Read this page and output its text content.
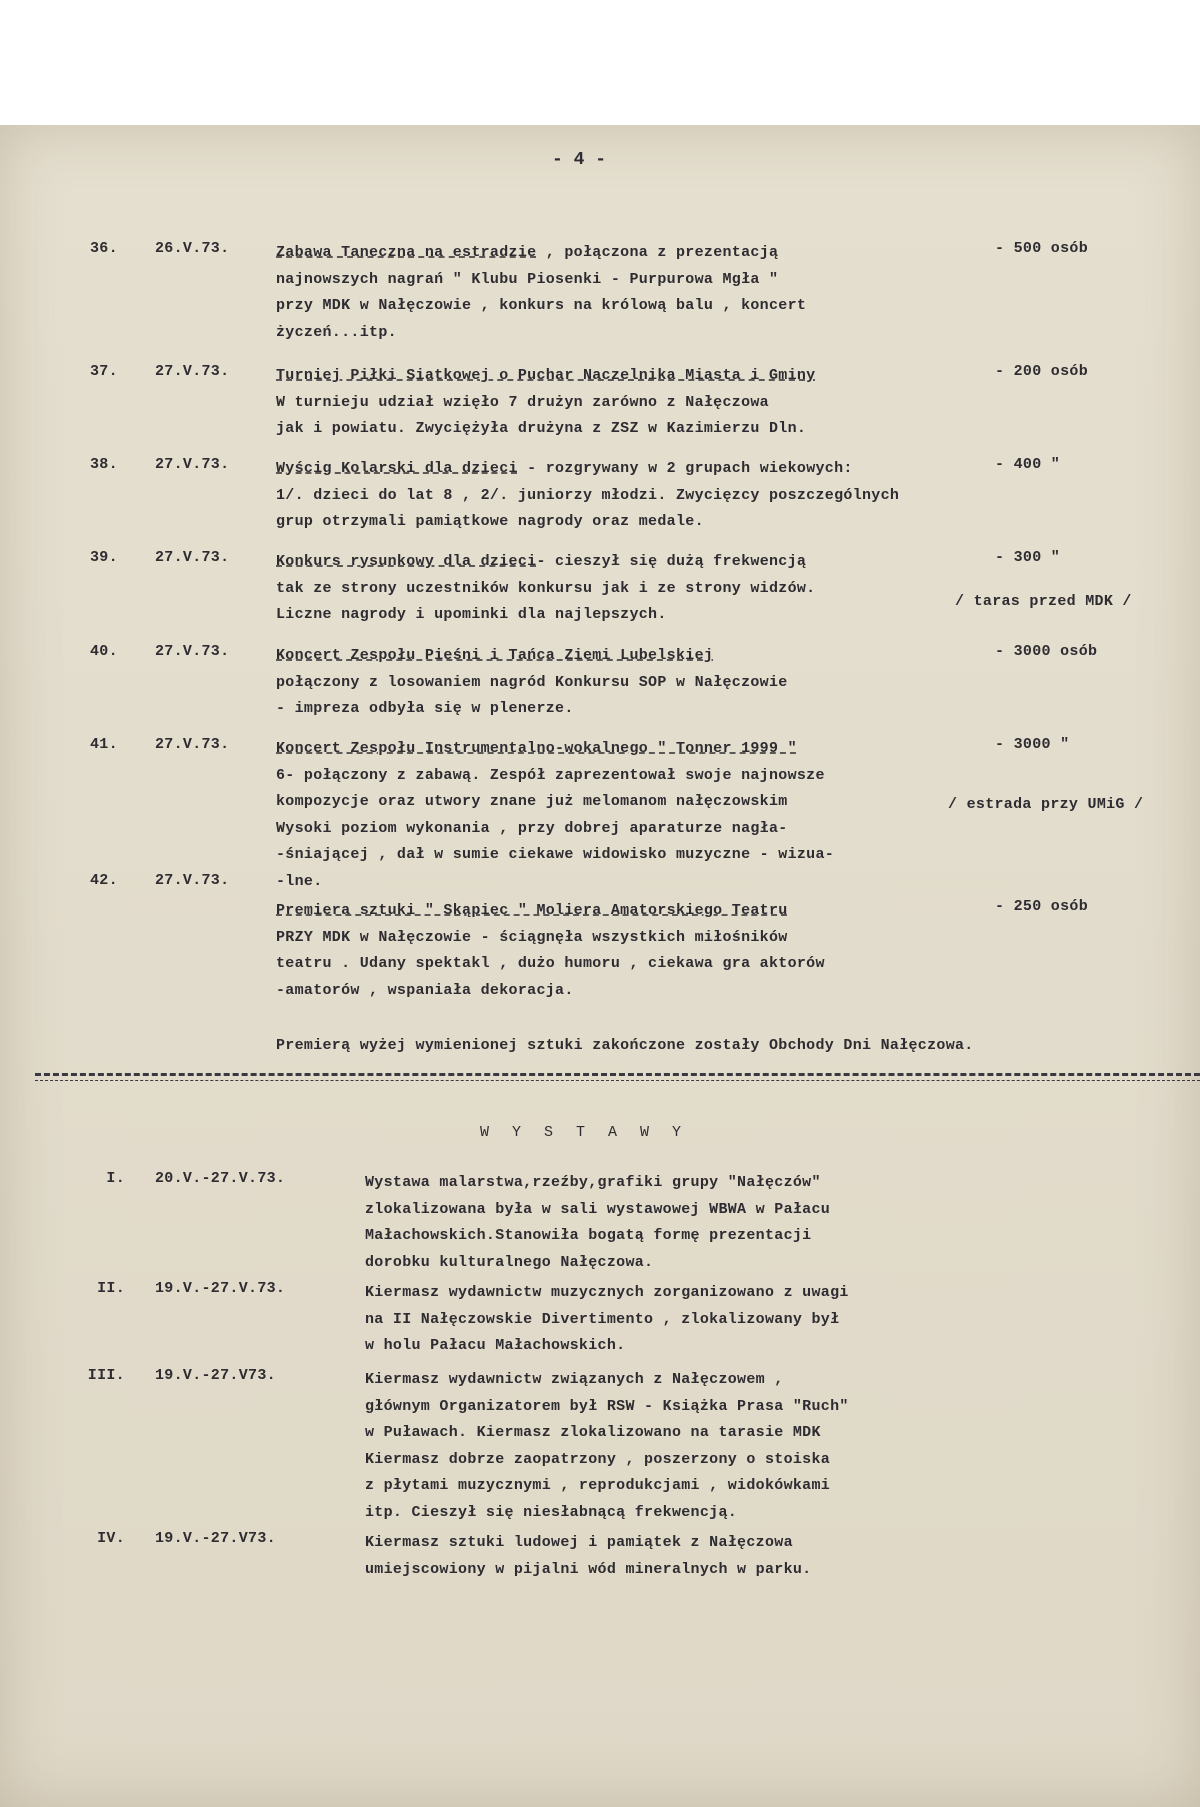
- 4 -
36. 26.V.73.	Zabawa Taneczna na estradzie , połączona z prezentacją
najnowszych nagrań " Klubu Piosenki - Purpurowa Mgła "
przy MDK w Nałęczowie , konkurs na królową balu , koncert
życzeń...itp.
- 500 osób
37. 27.V.73.	Turniej Piłki Siatkowej o Puchar Naczelnika Miasta i Gminy
W turnieju udział wzięło 7 drużyn zarówno z Nałęczowa
jak i powiatu. Zwyciężyła drużyna z ZSZ w Kazimierzu Dln.
- 200 osób
38. 27.V.73.	Wyścig Kolarski dla dzieci - rozgrywany w 2 grupach wiekowych:
1/. dzieci do lat 8 , 2/. juniorzy młodzi. Zwycięzcy poszczególnych
grup otrzymali pamiątkowe nagrody oraz medale.
- 400 "
39. 27.V.73.	Konkurs rysunkowy dla dzieci- cieszył się dużą frekwencją
tak ze strony uczestników konkursu jak i ze strony widzów.
Liczne nagrody i upominki dla najlepszych.
- 300 "
/ taras przed MDK /
40. 27.V.73.	Koncert Zespołu Pieśni i Tańca Ziemi Lubelskiej
połączony z losowaniem nagród Konkursu SOP w Nałęczowie
- impreza odbyła się w plenerze.
- 3000 osób
41. 27.V.73.	Koncert Zespołu Instrumentalno-wokalnego " Tonner 1999 "
6- połączony z zabawą. Zespół zaprezentował swoje najnowsze
kompozycje oraz utwory znane już melomanom nałęczowskim
Wysoki poziom wykonania , przy dobrej aparaturze nagła-
-śniającej , dał w sumie ciekawe widowisko muzyczne - wizua-
-lne.
- 3000 "
/ estrada przy UMiG /
42. 27.V.73.
Premiera sztuki " Skąpiec " Moliera Amatorskiego Teatru
PRZY MDK w Nałęczowie - ściągnęła wszystkich miłośników
teatru . Udany spektakl , dużo humoru , ciekawa gra aktorów
-amatorów , wspaniała dekoracja.
- 250 osób
Premierą wyżej wymienionej sztuki zakończone zostały Obchody Dni Nałęczowa.
W Y S T A W Y
I. 20.V.-27.V.73.	Wystawa malarstwa,rzeźby,grafiki grupy "Nałęczów"
zlokalizowana była w sali wystawowej WBWA w Pałacu
Małachowskich.Stanowiła bogatą formę prezentacji
dorobku kulturalnego Nałęczowa.
II. 19.V.-27.V.73.	Kiermasz wydawnictw muzycznych zorganizowano z uwagi
na II Nałęczowskie Divertimento , zlokalizowany był
w holu Pałacu Małachowskich.
III. 19.V.-27.V73.	Kiermasz wydawnictw związanych z Nałęczowem ,
głównym Organizatorem był RSW - Książka Prasa "Ruch"
w Puławach. Kiermasz zlokalizowano na tarasie MDK
Kiermasz dobrze zaopatrzony , poszerzony o stoiska
z płytami muzycznymi , reprodukcjami , widokówkami
itp. Cieszył się niesłabnącą frekwencją.
IV. 19.V.-27.V73.	Kiermasz sztuki ludowej i pamiątek z Nałęczowa
umiejscowiony w pijalni wód mineralnych w parku.
